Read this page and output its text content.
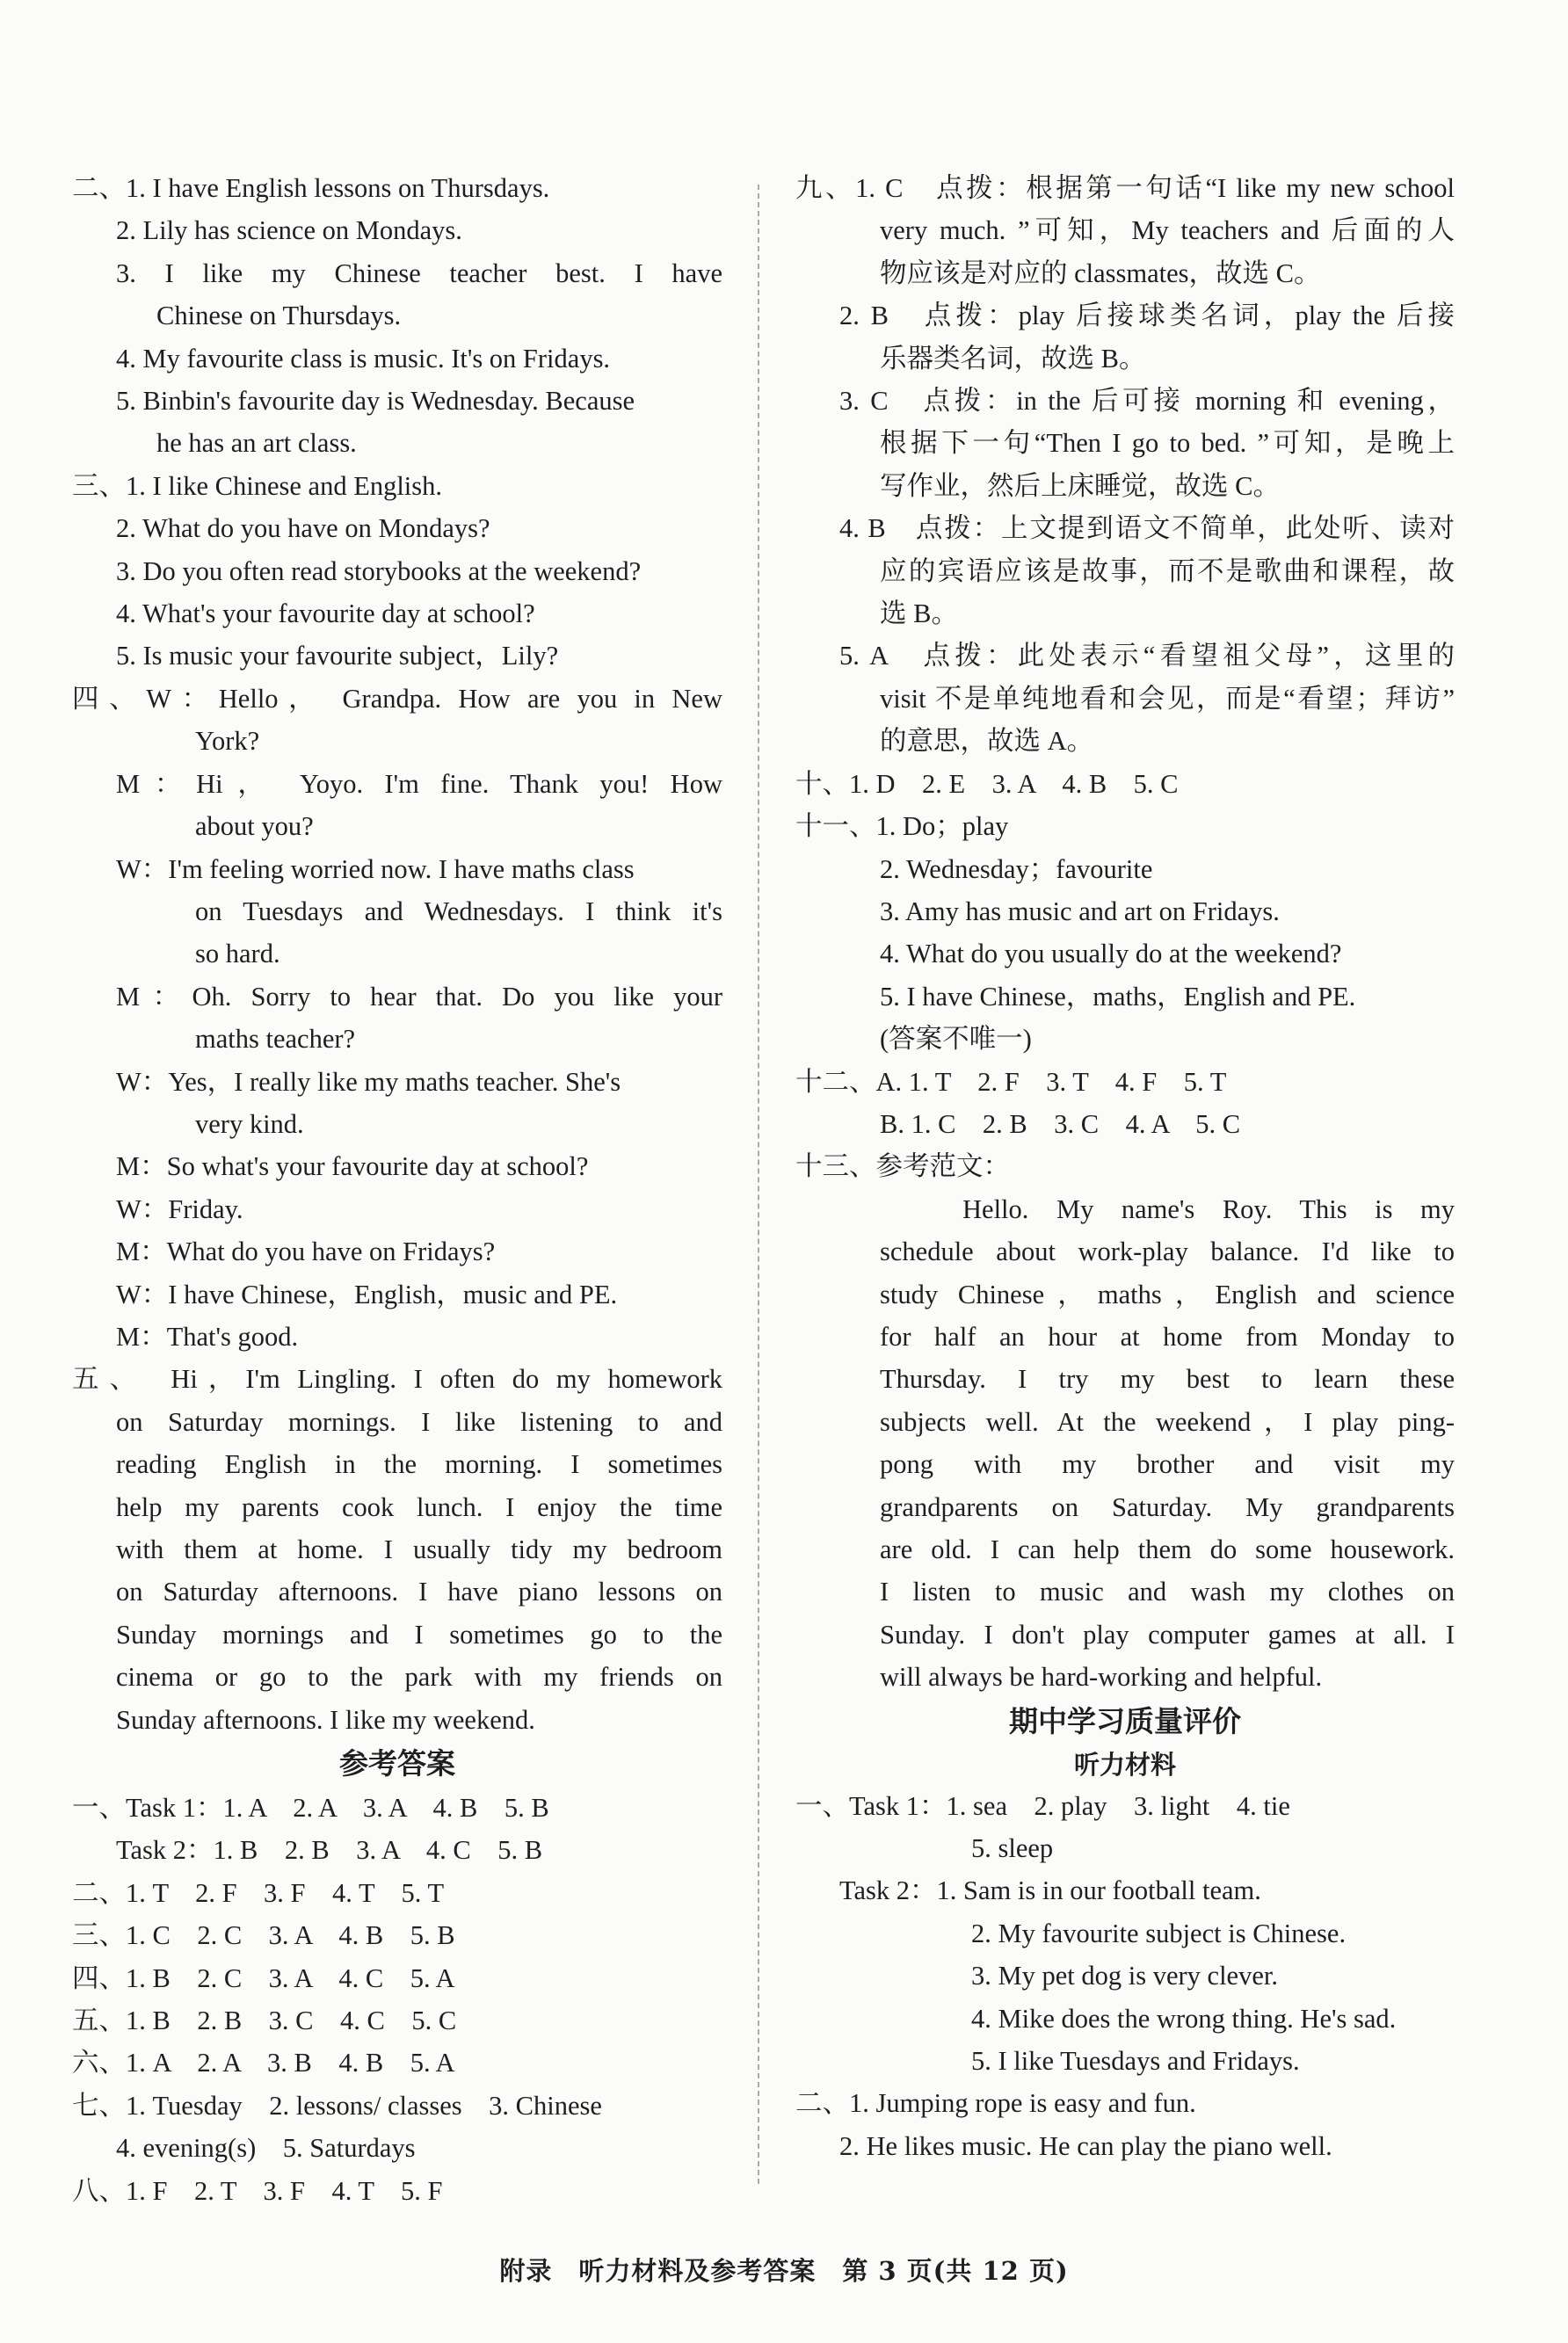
二、1. I have English lessons on Thursdays.
2. Lily has science on Mondays.
3. I like my Chinese teacher best. I have
Chinese on Thursdays.
4. My favourite class is music. It's on Fridays.
5. Binbin's favourite day is Wednesday. Because
he has an art class.
三、1. I like Chinese and English.
2. What do you have on Mondays?
3. Do you often read storybooks at the weekend?
4. What's your favourite day at school?
5. Is music your favourite subject，Lily?
四、W：Hello， Grandpa. How are you in New
York?
M：Hi， Yoyo. I'm fine. Thank you! How
about you?
W：I'm feeling worried now. I have maths class
on Tuesdays and Wednesdays. I think it's
so hard.
M：Oh. Sorry to hear that. Do you like your
maths teacher?
W：Yes，I really like my maths teacher. She's
very kind.
M：So what's your favourite day at school?
W：Friday.
M：What do you have on Fridays?
W：I have Chinese，English，music and PE.
M：That's good.
五、　Hi，I'm Lingling. I often do my homework
on Saturday mornings. I like listening to and
reading English in the morning. I sometimes
help my parents cook lunch. I enjoy the time
with them at home. I usually tidy my bedroom
on Saturday afternoons. I have piano lessons on
Sunday mornings and I sometimes go to the
cinema or go to the park with my friends on
Sunday afternoons. I like my weekend.
参考答案
一、Task 1：1. A　2. A　3. A　4. B　5. B
Task 2：1. B　2. B　3. A　4. C　5. B
二、1. T　2. F　3. F　4. T　5. T
三、1. C　2. C　3. A　4. B　5. B
四、1. B　2. C　3. A　4. C　5. A
五、1. B　2. B　3. C　4. C　5. C
六、1. A　2. A　3. B　4. B　5. A
七、1. Tuesday　2. lessons/ classes　3. Chinese
4. evening(s)　5. Saturdays
八、1. F　2. T　3. F　4. T　5. F
九、1. C　点拨：根据第一句话“I like my new school
very much. ”可知，My teachers and 后面的人
物应该是对应的 classmates，故选 C。
2. B　点拨：play 后接球类名词，play the 后接
乐器类名词，故选 B。
3. C　点拨：in the 后可接 morning 和 evening，
根据下一句“Then I go to bed. ”可知，是晚上
写作业，然后上床睡觉，故选 C。
4. B　点拨：上文提到语文不简单，此处听、读对
应的宾语应该是故事，而不是歌曲和课程，故
选 B。
5. A　点拨：此处表示“看望祖父母”，这里的
visit 不是单纯地看和会见，而是“看望；拜访”
的意思，故选 A。
十、1. D　2. E　3. A　4. B　5. C
十一、1. Do；play
2. Wednesday；favourite
3. Amy has music and art on Fridays.
4. What do you usually do at the weekend?
5. I have Chinese，maths，English and PE.
(答案不唯一)
十二、A. 1. T　2. F　3. T　4. F　5. T
B. 1. C　2. B　3. C　4. A　5. C
十三、参考范文：
Hello. My name's Roy. This is my
schedule about work-play balance. I'd like to
study Chinese，maths，English and science
for half an hour at home from Monday to
Thursday. I try my best to learn these
subjects well. At the weekend，I play ping-
pong with my brother and visit my
grandparents on Saturday. My grandparents
are old. I can help them do some housework.
I listen to music and wash my clothes on
Sunday. I don't play computer games at all. I
will always be hard-working and helpful.
期中学习质量评价
听力材料
一、Task 1：1. sea　2. play　3. light　4. tie
5. sleep
Task 2：1. Sam is in our football team.
2. My favourite subject is Chinese.
3. My pet dog is very clever.
4. Mike does the wrong thing. He's sad.
5. I like Tuesdays and Fridays.
二、1. Jumping rope is easy and fun.
2. He likes music. He can play the piano well.
附录　听力材料及参考答案　第 3 页(共 12 页)
